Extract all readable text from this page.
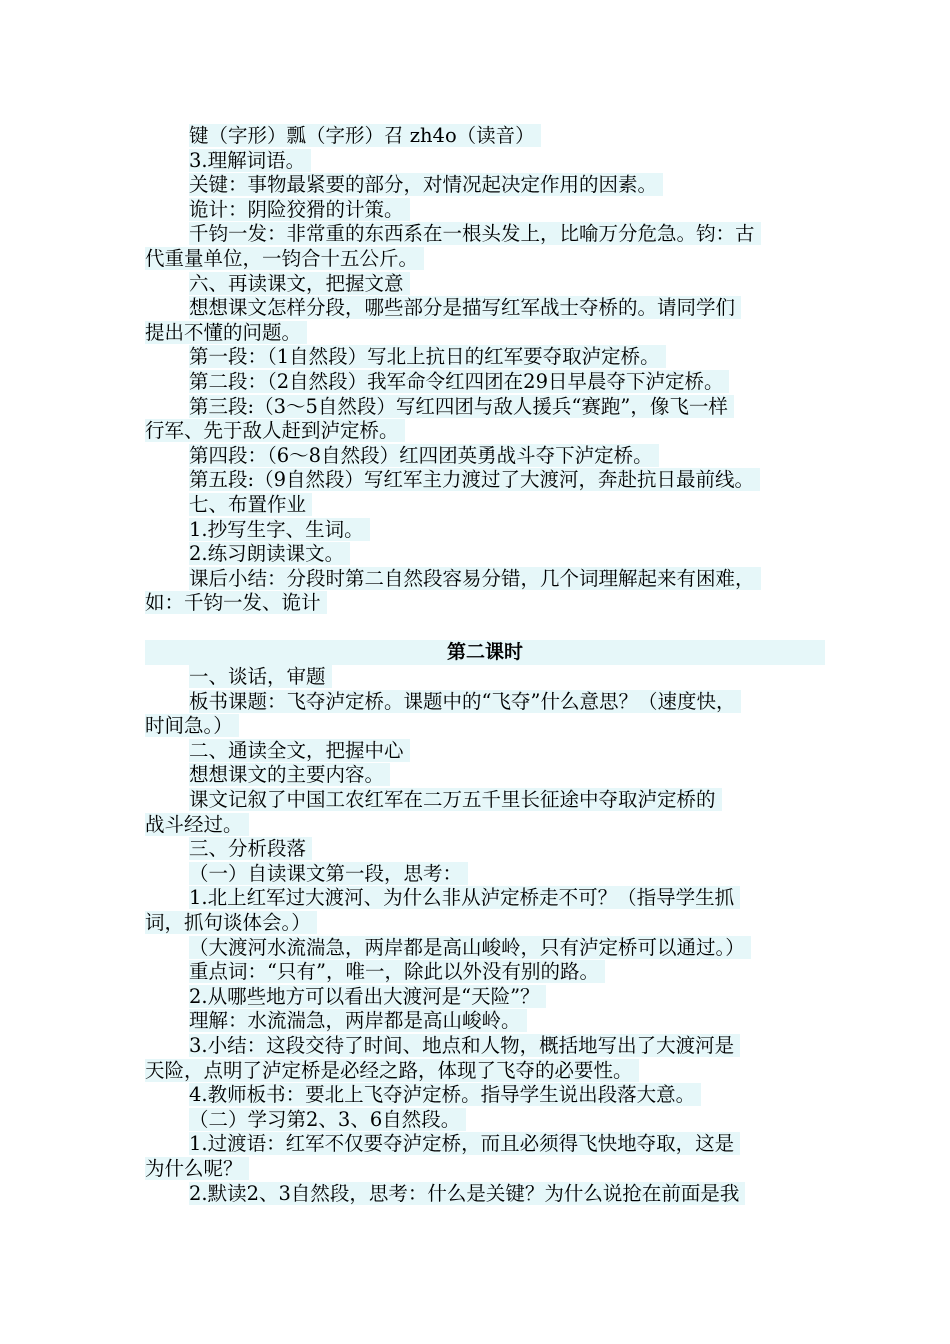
键（字形）瓢（字形）召 zh4o（读音）
3.理解词语。
关键：事物最紧要的部分，对情况起决定作用的因素。
诡计：阴险狡猾的计策。
千钧一发：非常重的东西系在一根头发上，比喻万分危急。钧：古
代重量单位，一钧合十五公斤。
六、再读课文，把握文意
想想课文怎样分段，哪些部分是描写红军战士夺桥的。请同学们
提出不懂的问题。
第一段：（1自然段）写北上抗日的红军要夺取泸定桥。
第二段：（2自然段）我军命令红四团在29日早晨夺下泸定桥。
第三段:（3～5自然段）写红四团与敌人援兵“赛跑”，像飞一样
行军、先于敌人赶到泸定桥。
第四段：（6～8自然段）红四团英勇战斗夺下泸定桥。
第五段:（9自然段）写红军主力渡过了大渡河，奔赴抗日最前线。
七、布置作业
1.抄写生字、生词。
2.练习朗读课文。
课后小结：分段时第二自然段容易分错，几个词理解起来有困难，
如：千钧一发、诡计
第二课时
一、谈话，审题
板书课题：飞夺泸定桥。课题中的“飞夺”什么意思？（速度快，
时间急。）
二、通读全文，把握中心
想想课文的主要内容。
课文记叙了中国工农红军在二万五千里长征途中夺取泸定桥的
战斗经过。
三、分析段落
（一）自读课文第一段，思考：
1.北上红军过大渡河、为什么非从泸定桥走不可？（指导学生抓
词，抓句谈体会。）
（大渡河水流湍急，两岸都是高山峻岭，只有泸定桥可以通过。）
重点词：“只有”，唯一，除此以外没有别的路。
2.从哪些地方可以看出大渡河是“天险”？
理解：水流湍急，两岸都是高山峻岭。
3.小结：这段交待了时间、地点和人物，概括地写出了大渡河是
天险，点明了泸定桥是必经之路，体现了飞夺的必要性。
4.教师板书：要北上飞夺泸定桥。指导学生说出段落大意。
（二）学习第2、3、6自然段。
1.过渡语：红军不仅要夺泸定桥，而且必须得飞快地夺取，这是
为什么呢？
2.默读2、3自然段，思考：什么是关键？为什么说抢在前面是我
